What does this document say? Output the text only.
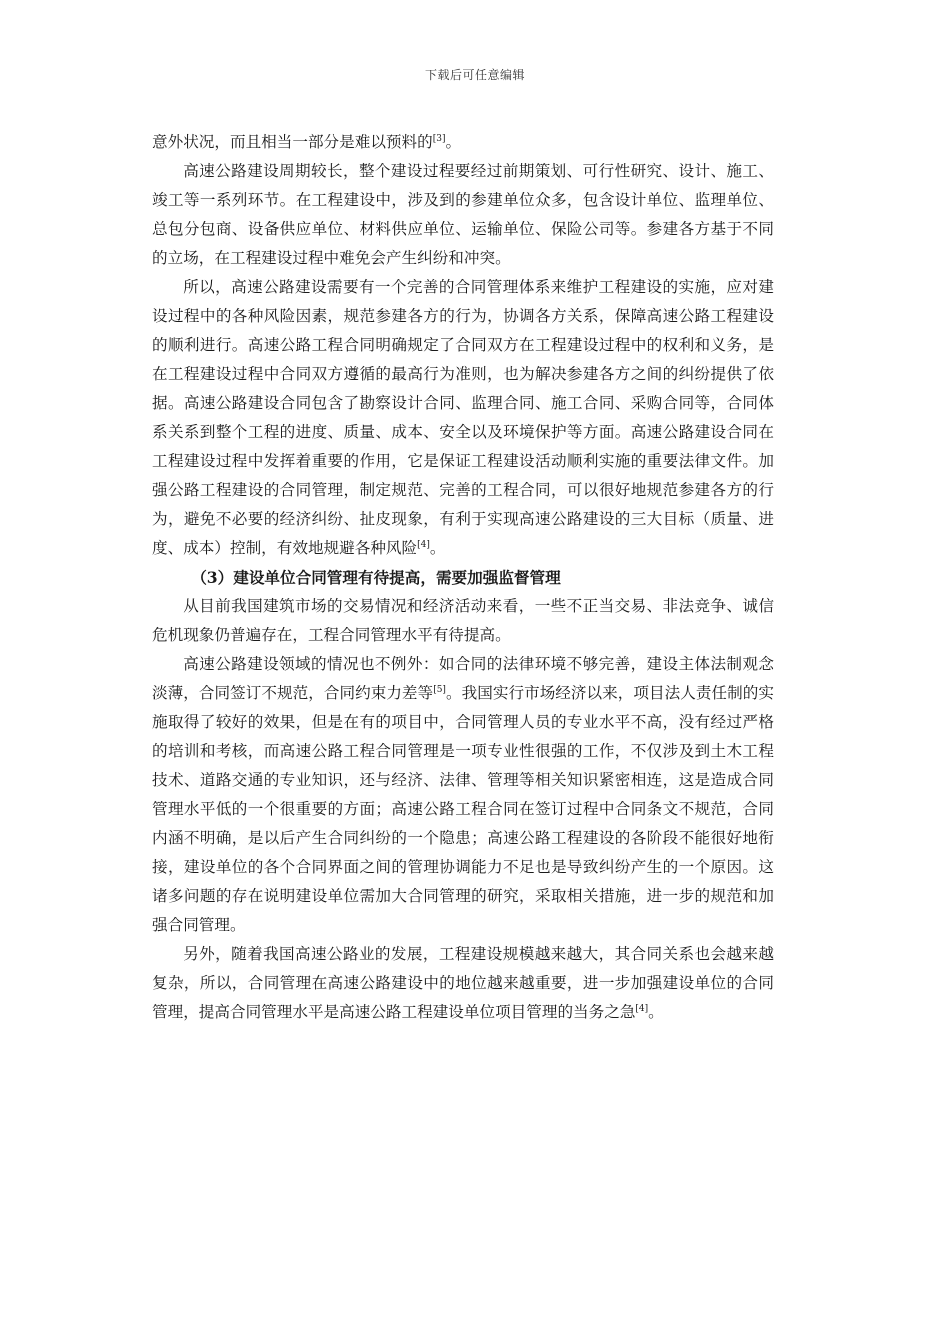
下载后可任意编辑

意外状况，而且相当一部分是难以预料的[3]。

高速公路建设周期较长，整个建设过程要经过前期策划、可行性研究、设计、施工、竣工等一系列环节。在工程建设中，涉及到的参建单位众多，包含设计单位、监理单位、总包分包商、设备供应单位、材料供应单位、运输单位、保险公司等。参建各方基于不同的立场，在工程建设过程中难免会产生纠纷和冲突。

所以，高速公路建设需要有一个完善的合同管理体系来维护工程建设的实施，应对建设过程中的各种风险因素，规范参建各方的行为，协调各方关系，保障高速公路工程建设的顺利进行。高速公路工程合同明确规定了合同双方在工程建设过程中的权利和义务，是在工程建设过程中合同双方遵循的最高行为准则，也为解决参建各方之间的纠纷提供了依据。高速公路建设合同包含了勘察设计合同、监理合同、施工合同、采购合同等，合同体系关系到整个工程的进度、质量、成本、安全以及环境保护等方面。高速公路建设合同在工程建设过程中发挥着重要的作用，它是保证工程建设活动顺利实施的重要法律文件。加强公路工程建设的合同管理，制定规范、完善的工程合同，可以很好地规范参建各方的行为，避免不必要的经济纠纷、扯皮现象，有利于实现高速公路建设的三大目标（质量、进度、成本）控制，有效地规避各种风险[4]。

（3）建设单位合同管理有待提高，需要加强监督管理

从目前我国建筑市场的交易情况和经济活动来看，一些不正当交易、非法竞争、诚信危机现象仍普遍存在，工程合同管理水平有待提高。

高速公路建设领域的情况也不例外：如合同的法律环境不够完善，建设主体法制观念淡薄，合同签订不规范，合同约束力差等[5]。我国实行市场经济以来，项目法人责任制的实施取得了较好的效果，但是在有的项目中，合同管理人员的专业水平不高，没有经过严格的培训和考核，而高速公路工程合同管理是一项专业性很强的工作，不仅涉及到土木工程技术、道路交通的专业知识，还与经济、法律、管理等相关知识紧密相连，这是造成合同管理水平低的一个很重要的方面；高速公路工程合同在签订过程中合同条文不规范，合同内涵不明确，是以后产生合同纠纷的一个隐患；高速公路工程建设的各阶段不能很好地衔接，建设单位的各个合同界面之间的管理协调能力不足也是导致纠纷产生的一个原因。这诸多问题的存在说明建设单位需加大合同管理的研究，采取相关措施，进一步的规范和加强合同管理。

另外，随着我国高速公路业的发展，工程建设规模越来越大，其合同关系也会越来越复杂，所以，合同管理在高速公路建设中的地位越来越重要，进一步加强建设单位的合同管理，提高合同管理水平是高速公路工程建设单位项目管理的当务之急[4]。
